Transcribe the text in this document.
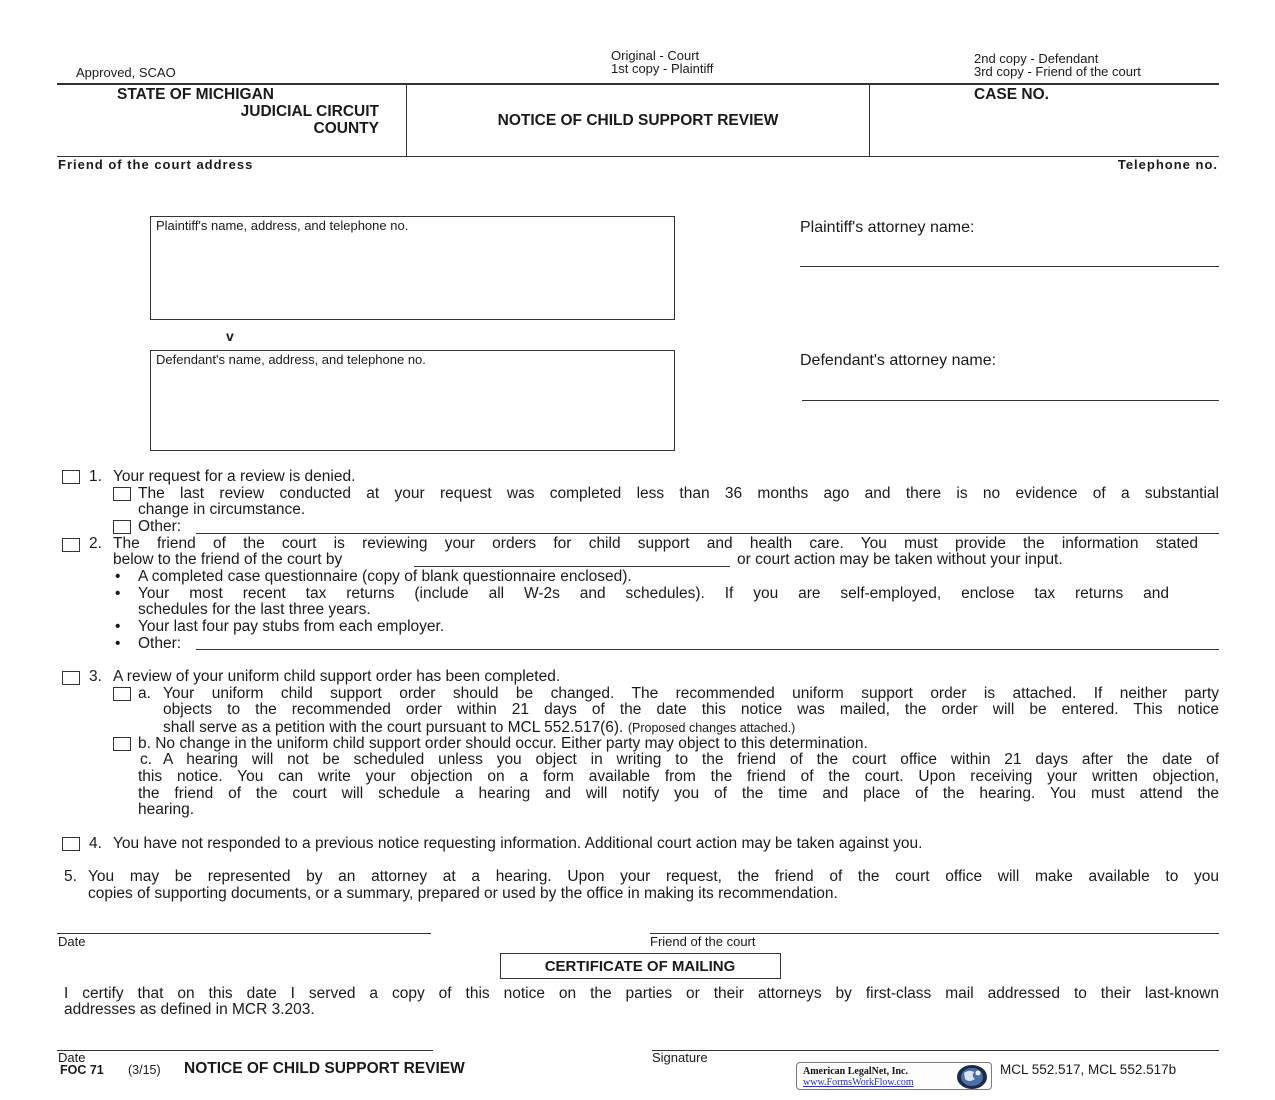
Approved, SCAO
Original - Court
1st copy - Plaintiff
2nd copy - Defendant
3rd copy - Friend of the court
STATE OF MICHIGAN
JUDICIAL CIRCUIT
COUNTY	NOTICE OF CHILD SUPPORT REVIEW
CASE NO.
Friend of the court address	Telephone no.
Plaintiff's name, address, and telephone no.
v
Defendant's name, address, and telephone no.
Plaintiff's attorney name:
Defendant's attorney name:
1. Your request for a review is denied.
The last review conducted at your request was completed less than 36 months ago and there is no evidence of a substantial
change in circumstance.
Other:
2. The friend of the court is reviewing your orders for child support and health care. You must provide the information stated
below to the friend of the court by	or court action may be taken without your input.
• A completed case questionnaire (copy of blank questionnaire enclosed).
• Your most recent tax returns (include all W-2s and schedules). If you are self-employed, enclose tax returns and
schedules for the last three years.
• Your last four pay stubs from each employer.
• Other:
3. A review of your uniform child support order has been completed.
a. Your uniform child support order should be changed. The recommended uniform support order is attached. If neither party
objects to the recommended order within 21 days of the date this notice was mailed, the order will be entered. This notice
shall serve as a petition with the court pursuant to MCL 552.517(6). (Proposed changes attached.)
b. No change in the uniform child support order should occur. Either party may object to this determination.
c. A hearing will not be scheduled unless you object in writing to the friend of the court office within 21 days after the date of
this notice. You can write your objection on a form available from the friend of the court. Upon receiving your written objection,
the friend of the court will schedule a hearing and will notify you of the time and place of the hearing. You must attend the
hearing.
4. You have not responded to a previous notice requesting information. Additional court action may be taken against you.
5. You may be represented by an attorney at a hearing. Upon your request, the friend of the court office will make available to you
copies of supporting documents, or a summary, prepared or used by the office in making its recommendation.
Date	Friend of the court
CERTIFICATE OF MAILING
I certify that on this date I served a copy of this notice on the parties or their attorneys by first-class mail addressed to their last-known
addresses as defined in MCR 3.203.
Date	Signature
FOC 71 (3/15) NOTICE OF CHILD SUPPORT REVIEW	American LegalNet, Inc.
www.FormsWorkFlow.com
MCL 552.517, MCL 552.517b
